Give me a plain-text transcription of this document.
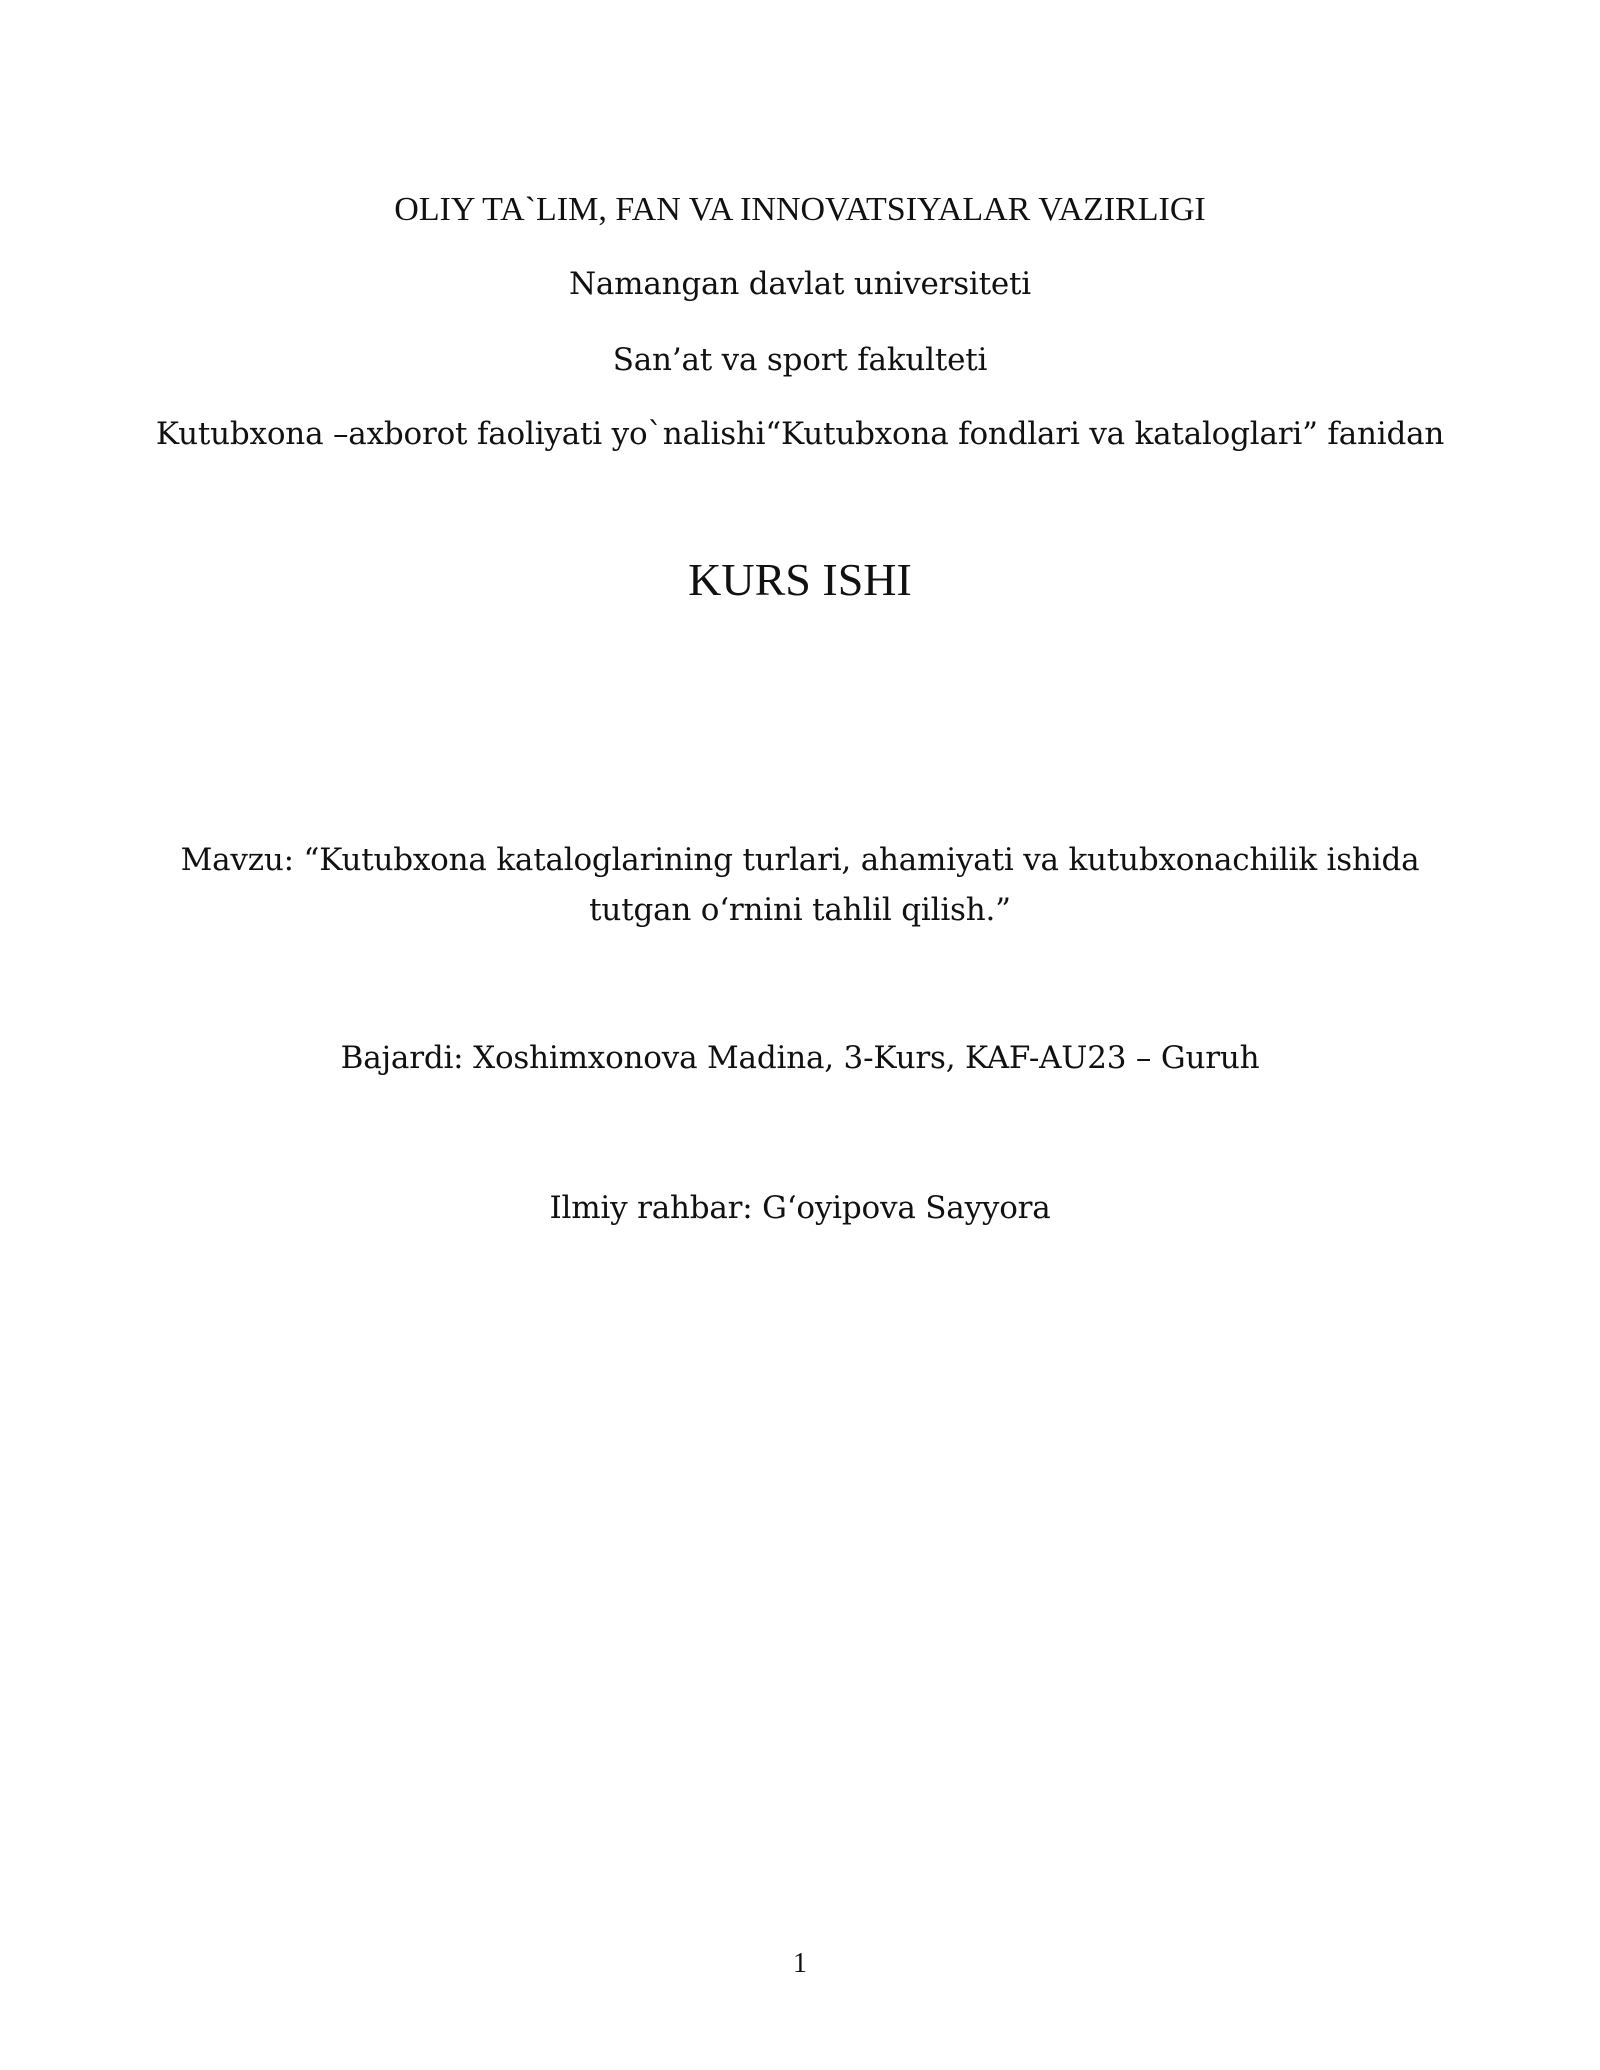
OLIY TA`LIM, FAN VA INNOVATSIYALAR VAZIRLIGI
Namangan davlat universiteti
San’at va sport fakulteti
Kutubxona –axborot faoliyati yo`nalishi“Kutubxona fondlari va kataloglari” fanidan
KURS ISHI
Mavzu: “Kutubxona kataloglarining turlari, ahamiyati va kutubxonachilik ishida
tutgan o‘rnini tahlil qilish.”
Bajardi: Xoshimxonova Madina, 3-Kurs, KAF-AU23 – Guruh
Ilmiy rahbar: G‘oyipova Sayyora
1
